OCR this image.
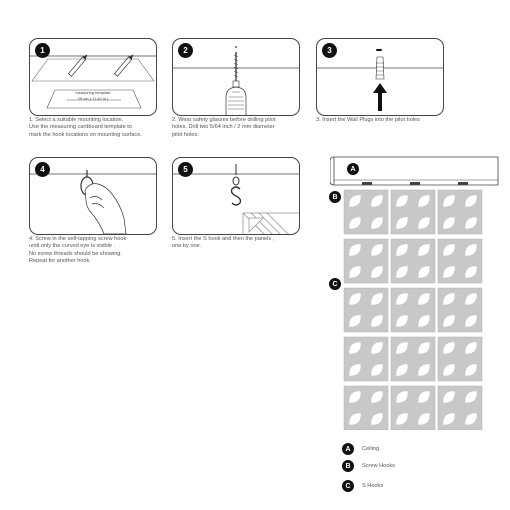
1
measuring template
29 cm ( 11.42 in )
1. Select a suitable mounting location.
Use the measuring cardboard template to
mark the hook locations on mounting surface.
2
2. Wear safety glasses before drilling pilot
holes. Drill two 5/64 inch / 2 mm diameter
pilot holes.
3
3. Insert the Wall Plugs into the pilot holes
4
4. Screw in the self-tapping screw hook
until only the curved eye is visible .
No screw threads should be showing.
Repeat for another hook.
5
5. Insert the S hook and then the panels ,
one by one.
A
B
C
A	Ceiling
B	Screw Hooks
C	S Hooks
